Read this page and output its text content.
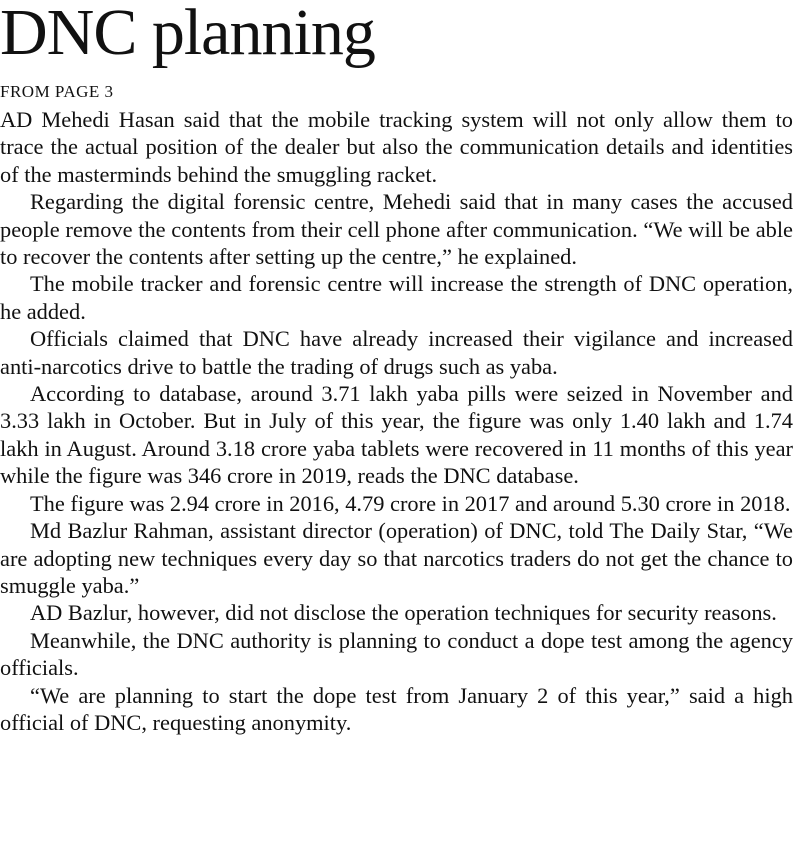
DNC planning
FROM PAGE 3

AD Mehedi Hasan said that the mobile tracking system will not only allow them to trace the actual position of the dealer but also the communication details and identities of the masterminds behind the smuggling racket.

Regarding the digital forensic centre, Mehedi said that in many cases the accused people remove the contents from their cell phone after communication. “We will be able to recover the contents after setting up the centre,” he explained.

The mobile tracker and forensic centre will increase the strength of DNC operation, he added.

Officials claimed that DNC have already increased their vigilance and increased anti-narcotics drive to battle the trading of drugs such as yaba.

According to database, around 3.71 lakh yaba pills were seized in November and 3.33 lakh in October. But in July of this year, the figure was only 1.40 lakh and 1.74 lakh in August. Around 3.18 crore yaba tablets were recovered in 11 months of this year while the figure was 346 crore in 2019, reads the DNC database.

The figure was 2.94 crore in 2016, 4.79 crore in 2017 and around 5.30 crore in 2018.

Md Bazlur Rahman, assistant director (operation) of DNC, told The Daily Star, “We are adopting new techniques every day so that narcotics traders do not get the chance to smuggle yaba.”

AD Bazlur, however, did not disclose the operation techniques for security reasons.

Meanwhile, the DNC authority is planning to conduct a dope test among the agency officials.

“We are planning to start the dope test from January 2 of this year,” said a high official of DNC, requesting anonymity.
